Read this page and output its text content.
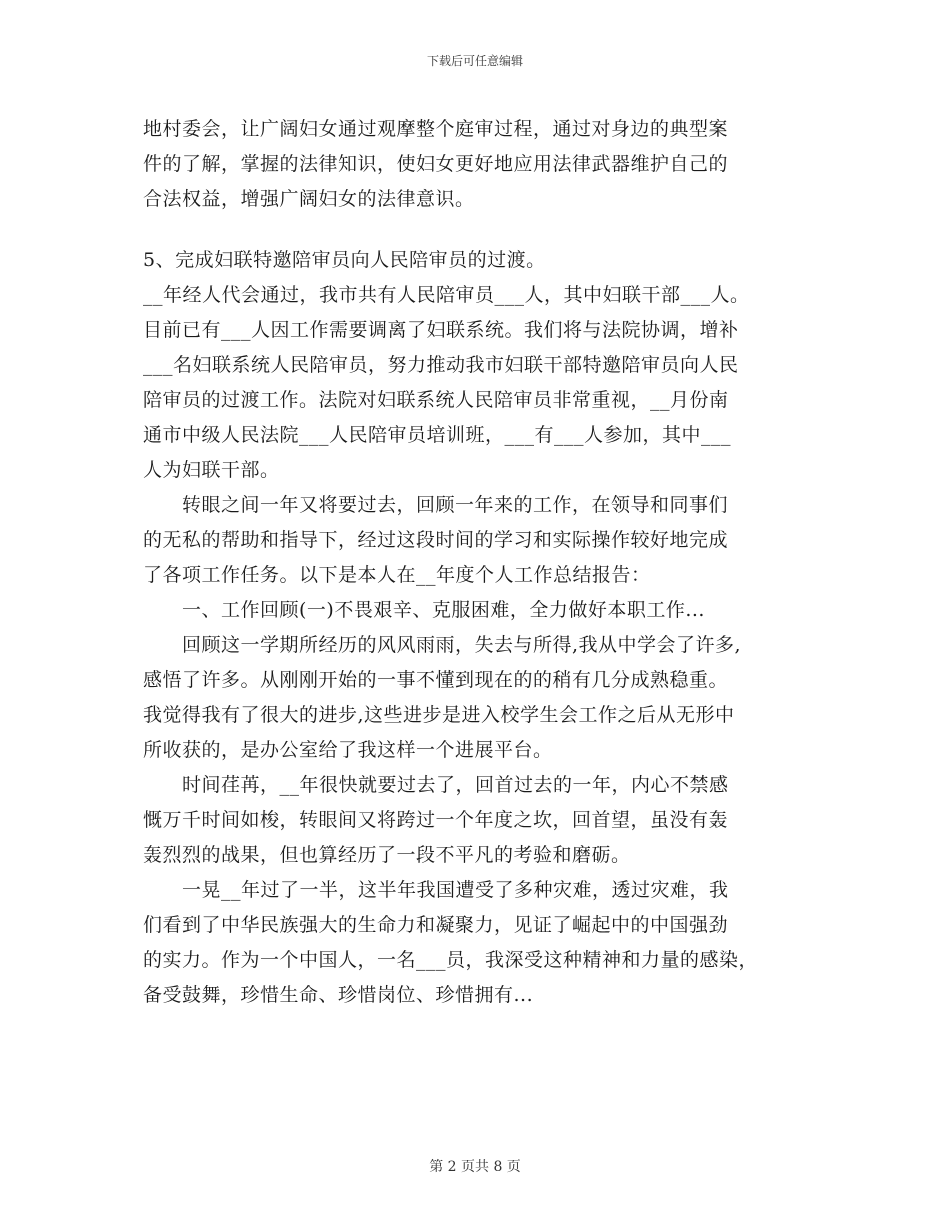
下载后可任意编辑
地村委会，让广阔妇女通过观摩整个庭审过程，通过对身边的典型案
件的了解，掌握的法律知识，使妇女更好地应用法律武器维护自己的
合法权益，增强广阔妇女的法律意识。
5、完成妇联特邀陪审员向人民陪审员的过渡。
__年经人代会通过，我市共有人民陪审员___人，其中妇联干部___人。
目前已有___人因工作需要调离了妇联系统。我们将与法院协调，增补
___名妇联系统人民陪审员，努力推动我市妇联干部特邀陪审员向人民
陪审员的过渡工作。法院对妇联系统人民陪审员非常重视，__月份南
通市中级人民法院___人民陪审员培训班，___有___人参加，其中___
人为妇联干部。
　　转眼之间一年又将要过去，回顾一年来的工作，在领导和同事们
的无私的帮助和指导下，经过这段时间的学习和实际操作较好地完成
了各项工作任务。以下是本人在__年度个人工作总结报告：
　　一、工作回顾(一)不畏艰辛、克服困难，全力做好本职工作...
　　回顾这一学期所经历的风风雨雨，失去与所得,我从中学会了许多,
感悟了许多。从刚刚开始的一事不懂到现在的的稍有几分成熟稳重。
我觉得我有了很大的进步,这些进步是进入校学生会工作之后从无形中
所收获的，是办公室给了我这样一个进展平台。
　　时间荏苒，__年很快就要过去了，回首过去的一年，内心不禁感
慨万千时间如梭，转眼间又将跨过一个年度之坎，回首望，虽没有轰
轰烈烈的战果，但也算经历了一段不平凡的考验和磨砺。
　　一晃__年过了一半，这半年我国遭受了多种灾难，透过灾难，我
们看到了中华民族强大的生命力和凝聚力，见证了崛起中的中国强劲
的实力。作为一个中国人，一名___员，我深受这种精神和力量的感染，
备受鼓舞，珍惜生命、珍惜岗位、珍惜拥有...
第 2 页共 8 页
